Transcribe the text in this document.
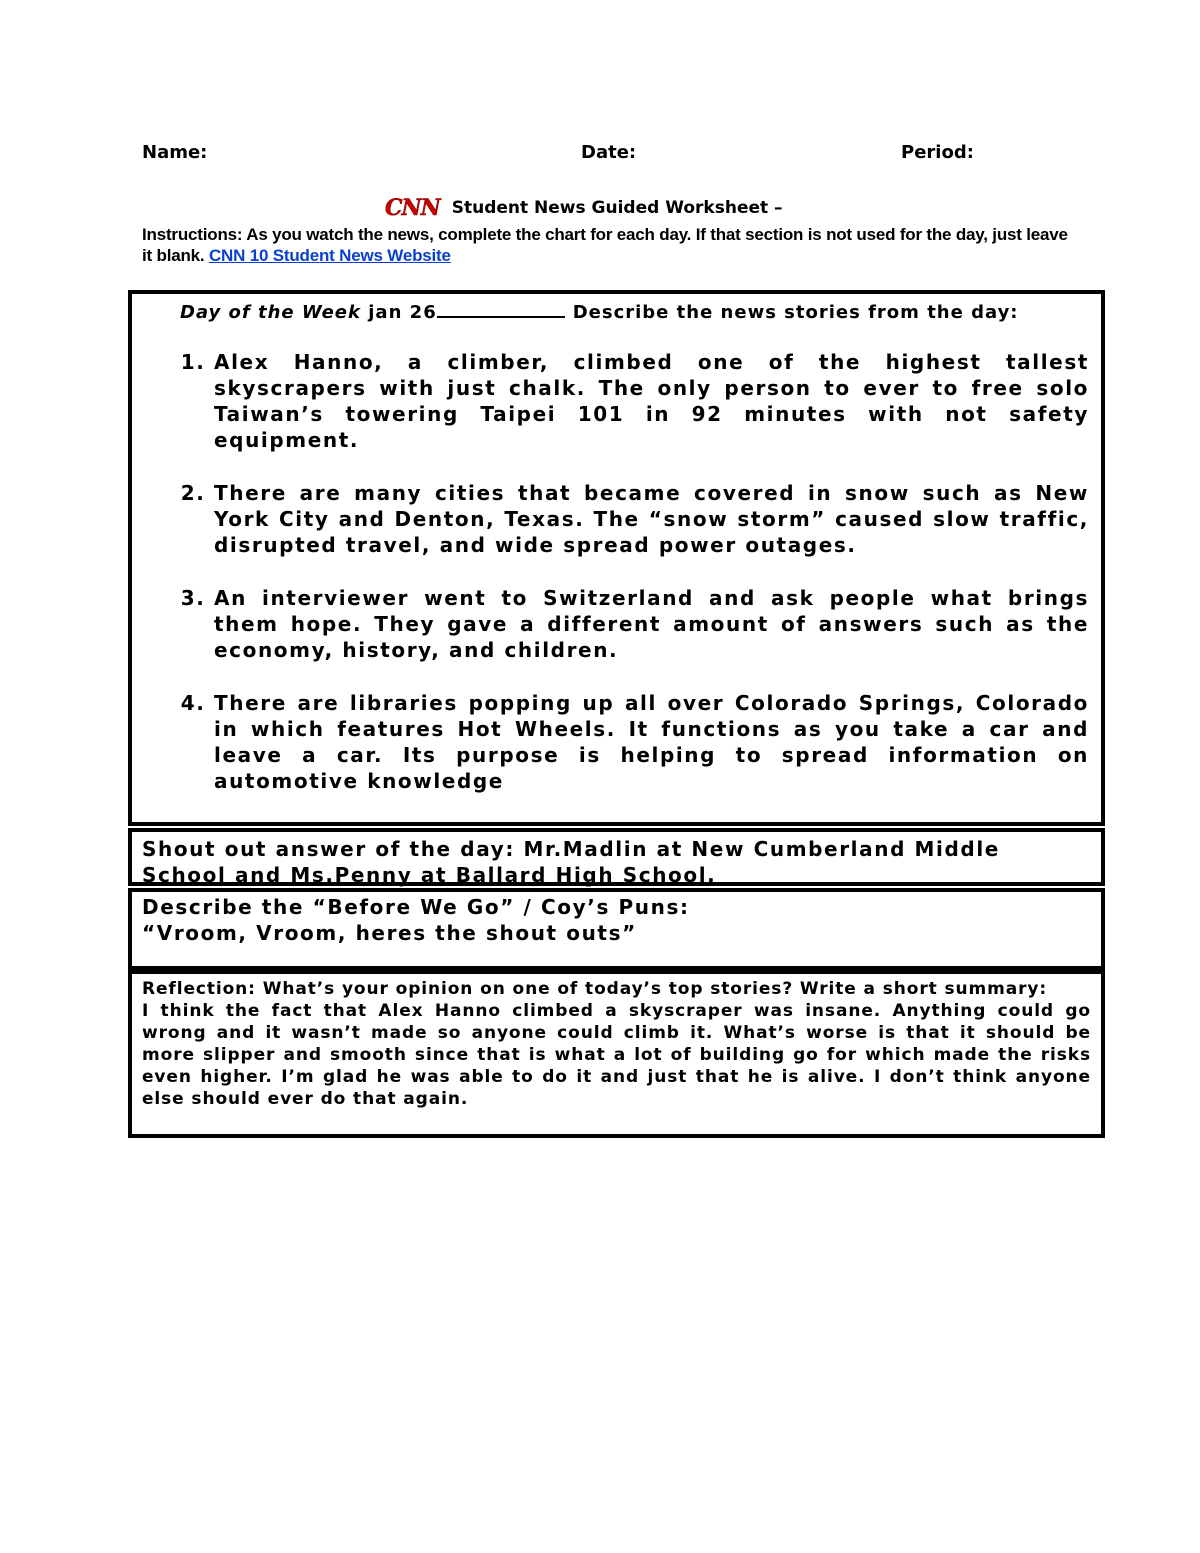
Name:	Date:	Period:
CNN Student News Guided Worksheet –
Instructions: As you watch the news, complete the chart for each day. If that section is not used for the day, just leave it blank. CNN 10 Student News Website
Day of the Week jan 26	Describe the news stories from the day:
1. Alex Hanno, a climber, climbed one of the highest tallest skyscrapers with just chalk. The only person to ever to free solo Taiwan’s towering Taipei 101 in 92 minutes with not safety equipment.
2. There are many cities that became covered in snow such as New York City and Denton, Texas. The “snow storm” caused slow traffic, disrupted travel, and wide spread power outages.
3. An interviewer went to Switzerland and ask people what brings them hope. They gave a different amount of answers such as the economy, history, and children.
4. There are libraries popping up all over Colorado Springs, Colorado in which features Hot Wheels. It functions as you take a car and leave a car. Its purpose is helping to spread information on automotive knowledge
Shout out answer of the day: Mr.Madlin at New Cumberland Middle School and Ms.Penny at Ballard High School.
Describe the “Before We Go” / Coy’s Puns:
“Vroom, Vroom, heres the shout outs”
Reflection: What’s your opinion on one of today’s top stories? Write a short summary:
I think the fact that Alex Hanno climbed a skyscraper was insane. Anything could go wrong and it wasn’t made so anyone could climb it. What’s worse is that it should be more slipper and smooth since that is what a lot of building go for which made the risks even higher. I’m glad he was able to do it and just that he is alive. I don’t think anyone else should ever do that again.
